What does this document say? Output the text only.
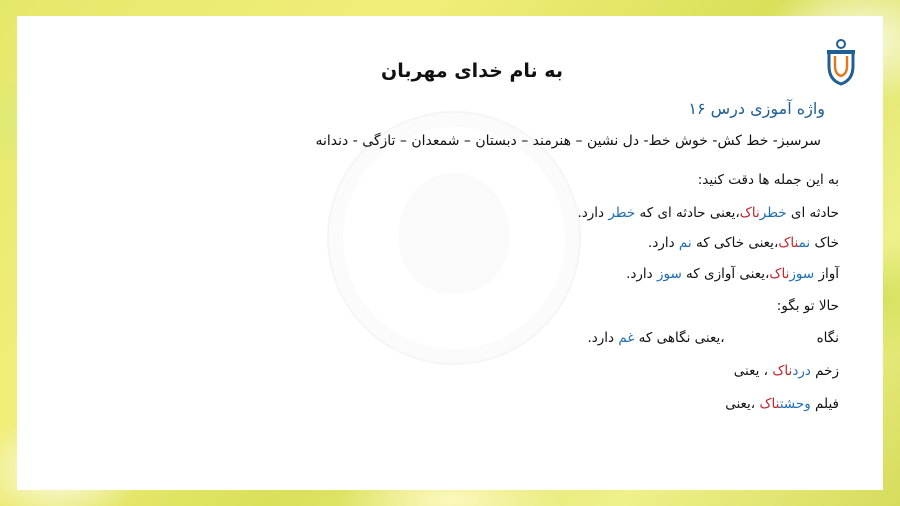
به نام خدای مهربان
واژه آموزی درس ۱۶
سرسبز- خط کش- خوش خط- دل نشین – هنرمند – دبستان – شمعدان – تازگی - دندانه
به این جمله ها دقت کنید:
حادثه ای خطرناک،یعنی حادثه ای که خطر دارد.
خاک نمناک،یعنی خاکی که نم دارد.
آواز سوزناک،یعنی آوازی که سوز دارد.
حالا تو بگو:
نگاه،یعنی نگاهی که غم دارد.
زخم دردناک ، یعنی
فیلم وحشتناک ،یعنی
